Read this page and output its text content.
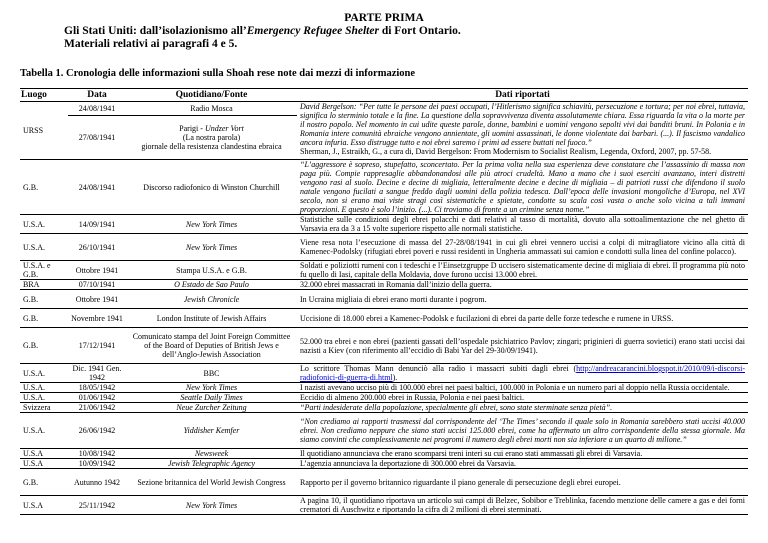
PARTE PRIMA
Gli Stati Uniti: dall’isolazionismo all’Emergency Refugee Shelter di Fort Ontario.
Materiali relativi ai paragrafi 4 e 5.
Tabella 1. Cronologia delle informazioni sulla Shoah rese note dai mezzi di informazione
Luogo	Data	Quotidiano/Fonte	Dati riportati
URSS	24/08/1941	Radio Mosca	David Bergelson: “Per tutte le persone dei paesi occupati, l’Hitlerismo significa schiavitù, persecuzione e tortura; per noi ebrei, tuttavia, significa lo sterminio totale e la fine. La questione della sopravvivenza diventa assolutamente chiara. Essa riguarda la vita o la morte per il nostro popolo. Nel momento in cui udite queste parole, donne, bambini e uomini vengono sepolti vivi dai banditi bruni. In Polonia e in Romania intere comunità ebraiche vengono annientate, gli uomini assassinati, le donne violentate dai barbari. (...). Il fascismo vandalico ancora infuria. Esso distrugge tutto e noi ebrei saremo i primi ad essere buttati nel fuoco.”
Sherman, J., Estraikh, G., a cura di, David Bergelson: From Modernism to Socialist Realism, Legenda, Oxford, 2007, pp. 57-58.
	27/08/1941	Parigi - Undzer Vort
(La nostra parola)
giornale della resistenza clandestina ebraica	
G.B.	24/08/1941	Discorso radiofonico di Winston Churchill	“L’aggressore è sopreso, stupefatto, sconcertato. Per la prima volta nella sua esperienza deve constatare che l’assassinio di massa non paga più. Compie rappresaglie abbandonandosi alle più atroci crudeltà. Mano a mano che i suoi eserciti avanzano, interi distretti vengono rasi al suolo. Decine e decine di migliaia, letteralmente decine e decine di migliaia – di patrioti russi che difendono il suolo natale vengono fucilati a sangue freddo dagli uomini della polizia tedesca. Dall’epoca delle invasioni mongoliche d’Europa, nel XVI secolo, non si erano mai viste stragi così sistematiche e spietate, condotte su scala così vasta o anche solo vicina a tali immani proporzioni. E questo è solo l’inizio. (...). Ci troviamo di fronte a un crimine senza nome.”
U.S.A.	14/09/1941	New York Times	Statistiche sulle condizioni degli ebrei polacchi e dati relativi al tasso di mortalità, dovuto alla sottoalimentazione che nel ghetto di Varsavia era da 3 a 15 volte superiore rispetto alle normali statistiche.
U.S.A.	26/10/1941	New York Times	Viene resa nota l’esecuzione di massa del 27-28/08/1941 in cui gli ebrei vennero uccisi a colpi di mitragliatore vicino alla città di Kamenec-Podolsky (rifugiati ebrei poveri e russi residenti in Ungheria ammassati sui camion e condotti sulla linea del confine polacco).
U.S.A. e G.B.	Ottobre 1941	Stampa U.S.A. e G.B.	Soldati e poliziotti rumeni con i tedeschi e l’Einsetzgruppe D uccisero sistematicamente decine di migliaia di ebrei. Il programma più noto fu quello di Iasi, capitale della Moldavia, dove furono uccisi 13.000 ebrei.
BRA	07/10/1941	O Estado de Sao Paulo	32.000 ebrei massacrati in Romania dall’inizio della guerra.
G.B.	Ottobre 1941	Jewish Chronicle	In Ucraina migliaia di ebrei erano morti durante i pogrom.
G.B.	Novembre 1941	London Institute of Jewish Affairs	Uccisione di 18.000 ebrei a Kamenec-Podolsk e fucilazioni di ebrei da parte delle forze tedesche e rumene in URSS.
G.B.	17/12/1941	Comunicato stampa del Joint Foreign Committee of the Board of Deputies of British Jews e dell’Anglo-Jewish Association	52.000 tra ebrei e non ebrei (pazienti gassati dell’ospedale psichiatrico Pavlov; zingari; priginieri di guerra sovietici) erano stati uccisi dai nazisti a Kiev (con riferimento all’eccidio di Babi Yar del 29-30/09/1941).
U.S.A.	Dic. 1941 Gen. 1942	BBC	Lo scrittore Thomas Mann denunciò alla radio i massacri subiti dagli ebrei (http://andreacarancini.blogspot.it/2010/09/i-discorsi-radiofonici-di-guerra-di.html).
U.S.A.	18/05/1942	New York Times	I nazisti avevano ucciso più di 100.000 ebrei nei paesi baltici, 100.000 in Polonia e un numero pari al doppio nella Russia occidentale.
U.S.A.	01/06/1942	Seattle Daily Times	Eccidio di almeno 200.000 ebrei in Russia, Polonia e nei paesi baltici.
Svizzera	21/06/1942	Neue Zurcher Zeitung	“Parti indesiderate della popolazione, specialmente gli ebrei, sono state sterminate senza pietà”.
U.S.A.	26/06/1942	Yiddisher Kemfer	“Non crediamo ai rapporti trasmessi dal corrispondente del ‘The Times’ secondo il quale solo in Romania sarebbero stati uccisi 40.000 ebrei. Non crediamo neppure che siano stati uccisi 125.000 ebrei, come ha affermato un altro corrispondente della stessa giornale. Ma siamo convinti che complessivamente nei progromi il numero degli ebrei morti non sia inferiore a un quarto di milione.”
U.S.A	10/08/1942	Newsweek	Il quotidiano annunciava che erano scomparsi treni interi su cui erano stati ammassati gli ebrei di Varsavia.
U.S.A	10/09/1942	Jewish Telegraphic Agency	L’agenzia annunciava la deportazione di 300.000 ebrei da Varsavia.
G.B.	Autunno 1942	Sezione britannica del World Jewish Congress	Rapporto per il governo britannico riguardante il piano generale di persecuzione degli ebrei europei.
U.S.A	25/11/1942	New York Times	A pagina 10, il quotidiano riportava un articolo sui campi di Belzec, Sobibor e Treblinka, facendo menzione delle camere a gas e dei forni crematori di Auschwitz e riportando la cifra di 2 milioni di ebrei sterminati.
